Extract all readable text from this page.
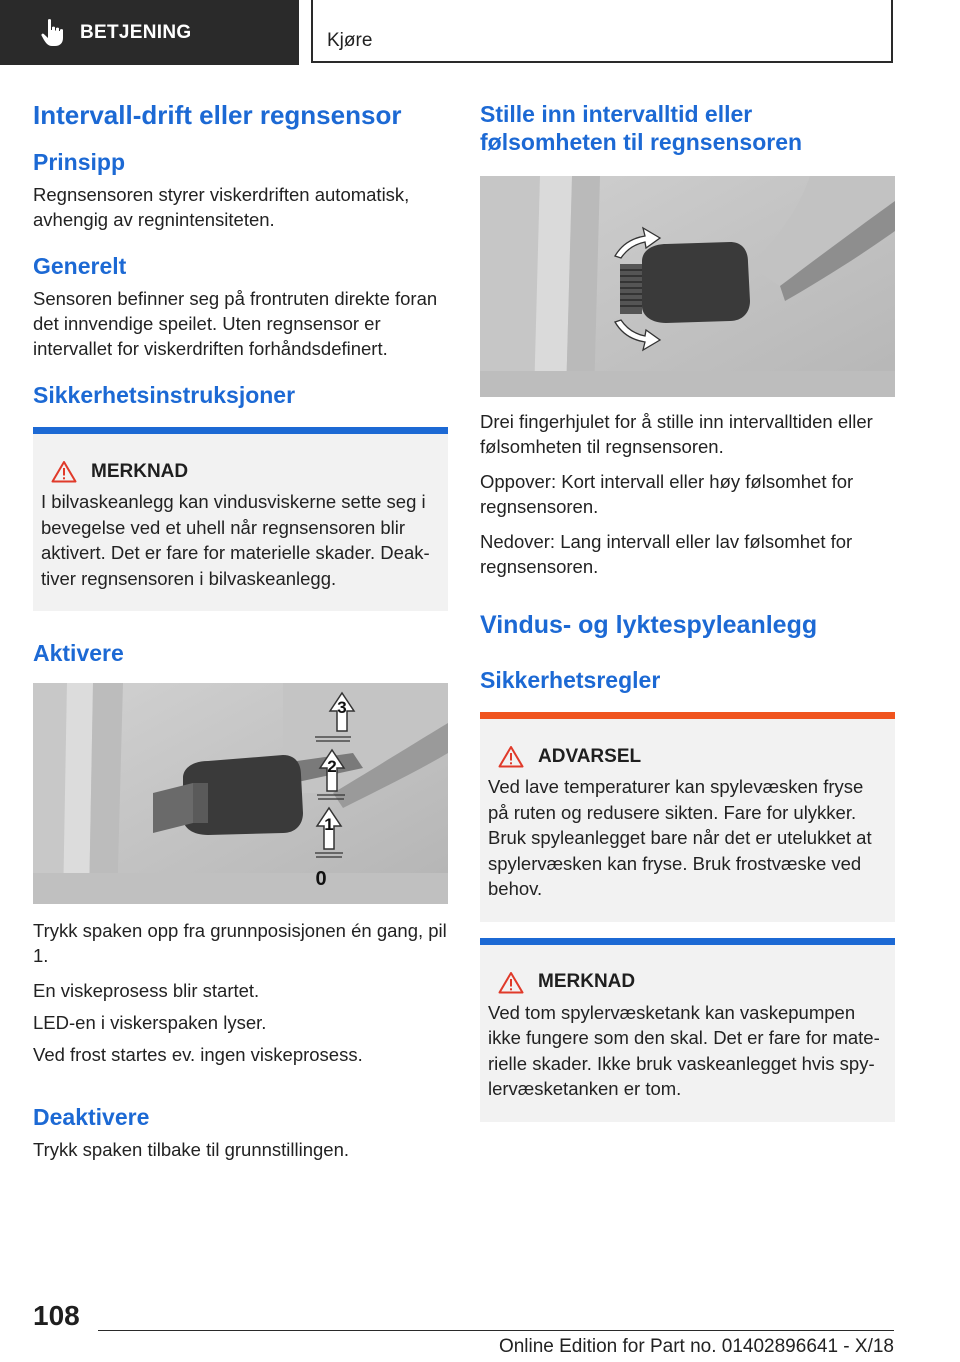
BETJENING	Kjøre
Intervall-drift eller regnsensor
Prinsipp

Regnsensoren styrer viskerdriften automatisk, avhengig av regnintensiteten.

Generelt

Sensoren befinner seg på frontruten direkte foran det innvendige speilet. Uten regnsensor er intervallet for viskerdriften forhåndsdefinert.

Sikkerhetsinstruksjoner
MERKNAD

I bilvaskeanlegg kan vindusviskerne sette seg i bevegelse ved et uhell når regnsensoren blir aktivert. Det er fare for materielle skader. Deak-tiver regnsensoren i bilvaskeanlegg.

Aktivere
3
2
1
0

Trykk spaken opp fra grunnposisjonen én gang, pil 1.

En viskeprosess blir startet.

LED-en i viskerspaken lyser.

Ved frost startes ev. ingen viskeprosess.

Deaktivere

Trykk spaken tilbake til grunnstillingen.

Stille inn intervalltid eller følsomheten til regnsensoren

Drei fingerhjulet for å stille inn intervalltiden eller følsomheten til regnsensoren.

Oppover: Kort intervall eller høy følsomhet for regnsensoren.

Nedover: Lang intervall eller lav følsomhet for regnsensoren.

Vindus- og lyktespyleanlegg
Sikkerhetsregler
ADVARSEL

Ved lave temperaturer kan spylevæsken fryse på ruten og redusere sikten. Fare for ulykker. Bruk spyleanlegget bare når det er utelukket at spylervæsken kan fryse. Bruk frostvæske ved behov.

MERKNAD

Ved tom spylervæsketank kan vaskepumpen ikke fungere som den skal. Det er fare for mate-rielle skader. Ikke bruk vaskeanlegget hvis spy-lervæsketanken er tom.

108
Online Edition for Part no. 01402896641 - X/18
